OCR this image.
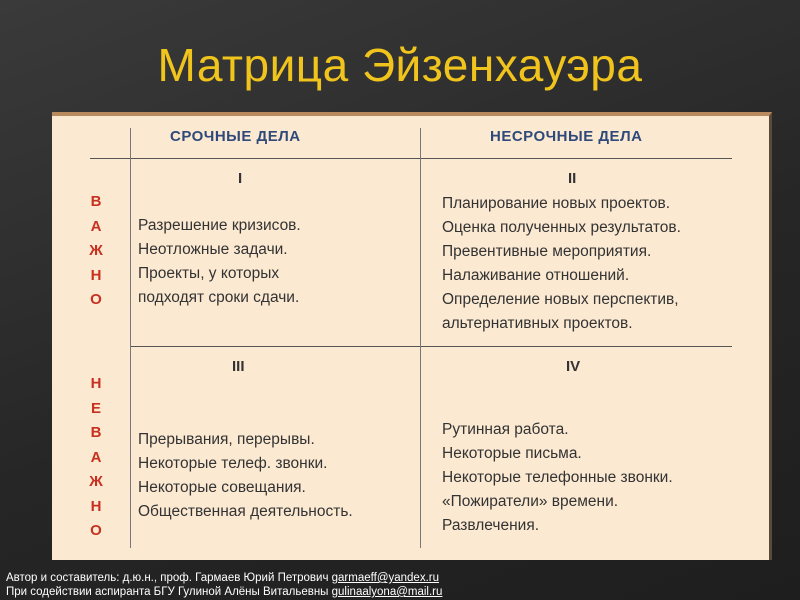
Матрица Эйзенхауэра
СРОЧНЫЕ ДЕЛА	НЕСРОЧНЫЕ ДЕЛА
В
А
Ж
Н
О
Н
Е
В
А
Ж
Н
О
I
Разрешение кризисов.
Неотложные задачи.
Проекты, у которых
подходят сроки сдачи.
II
Планирование новых проектов.
Оценка полученных результатов.
Превентивные мероприятия.
Налаживание отношений.
Определение новых перспектив,
альтернативных проектов.
III
Прерывания, перерывы.
Некоторые телеф. звонки.
Некоторые совещания.
Общественная деятельность.
IV
Рутинная работа.
Некоторые письма.
Некоторые телефонные звонки.
«Пожиратели» времени.
Развлечения.
Автор и составитель: д.ю.н., проф. Гармаев Юрий Петрович garmaeff@yandex.ru
При содействии аспиранта БГУ Гулиной Алёны Витальевны gulinaalyona@mail.ru
